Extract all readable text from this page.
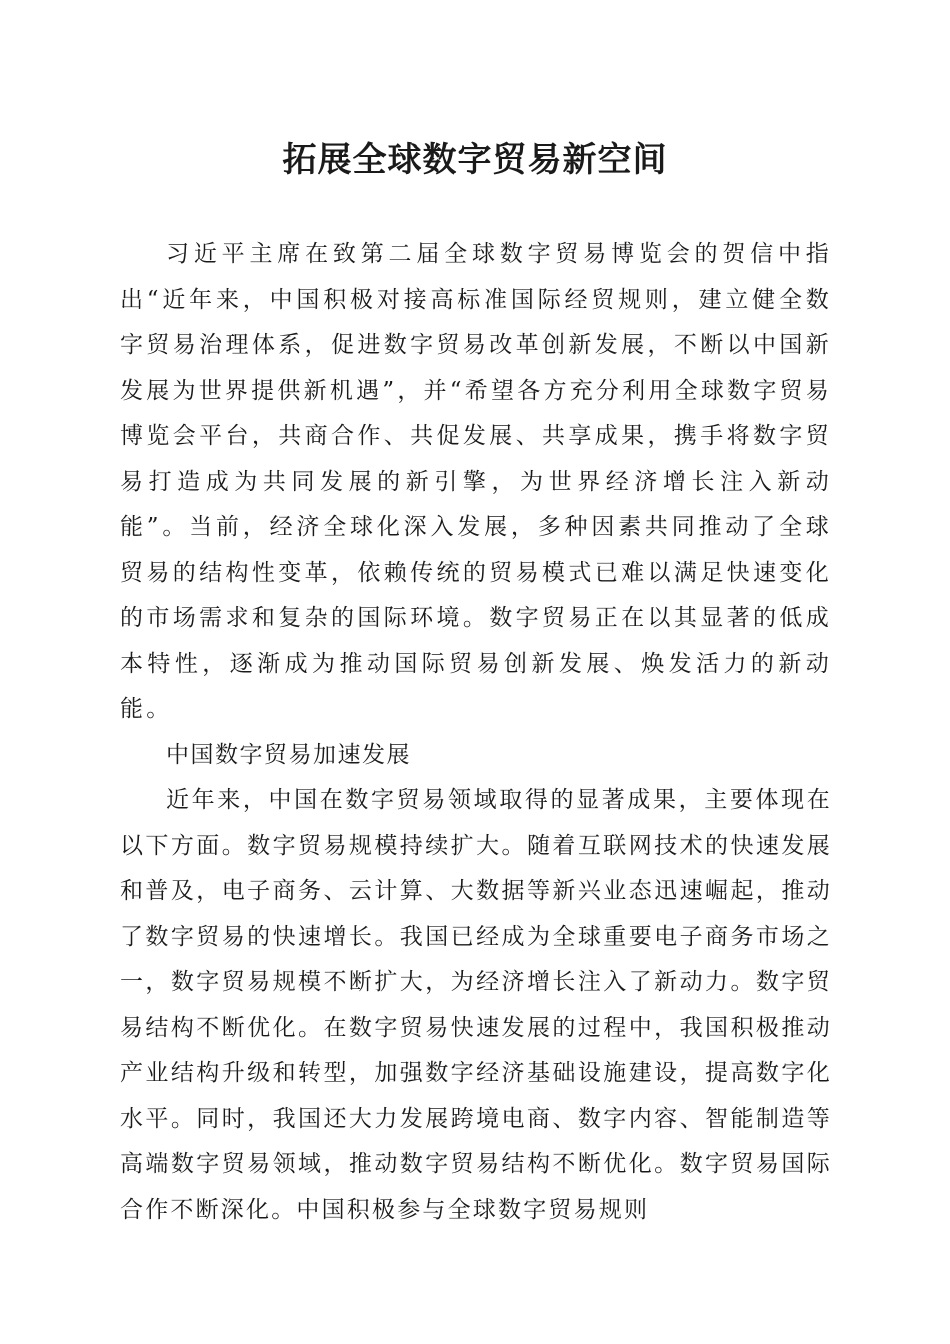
拓展全球数字贸易新空间

习近平主席在致第二届全球数字贸易博览会的贺信中指出“近年来，中国积极对接高标准国际经贸规则，建立健全数字贸易治理体系，促进数字贸易改革创新发展，不断以中国新发展为世界提供新机遇”，并“希望各方充分利用全球数字贸易博览会平台，共商合作、共促发展、共享成果，携手将数字贸易打造成为共同发展的新引擎，为世界经济增长注入新动能”。当前，经济全球化深入发展，多种因素共同推动了全球贸易的结构性变革，依赖传统的贸易模式已难以满足快速变化的市场需求和复杂的国际环境。数字贸易正在以其显著的低成本特性，逐渐成为推动国际贸易创新发展、焕发活力的新动能。

中国数字贸易加速发展

近年来，中国在数字贸易领域取得的显著成果，主要体现在以下方面。数字贸易规模持续扩大。随着互联网技术的快速发展和普及，电子商务、云计算、大数据等新兴业态迅速崛起，推动了数字贸易的快速增长。我国已经成为全球重要电子商务市场之一，数字贸易规模不断扩大，为经济增长注入了新动力。数字贸易结构不断优化。在数字贸易快速发展的过程中，我国积极推动产业结构升级和转型，加强数字经济基础设施建设，提高数字化水平。同时，我国还大力发展跨境电商、数字内容、智能制造等高端数字贸易领域，推动数字贸易结构不断优化。数字贸易国际合作不断深化。中国积极参与全球数字贸易规则
